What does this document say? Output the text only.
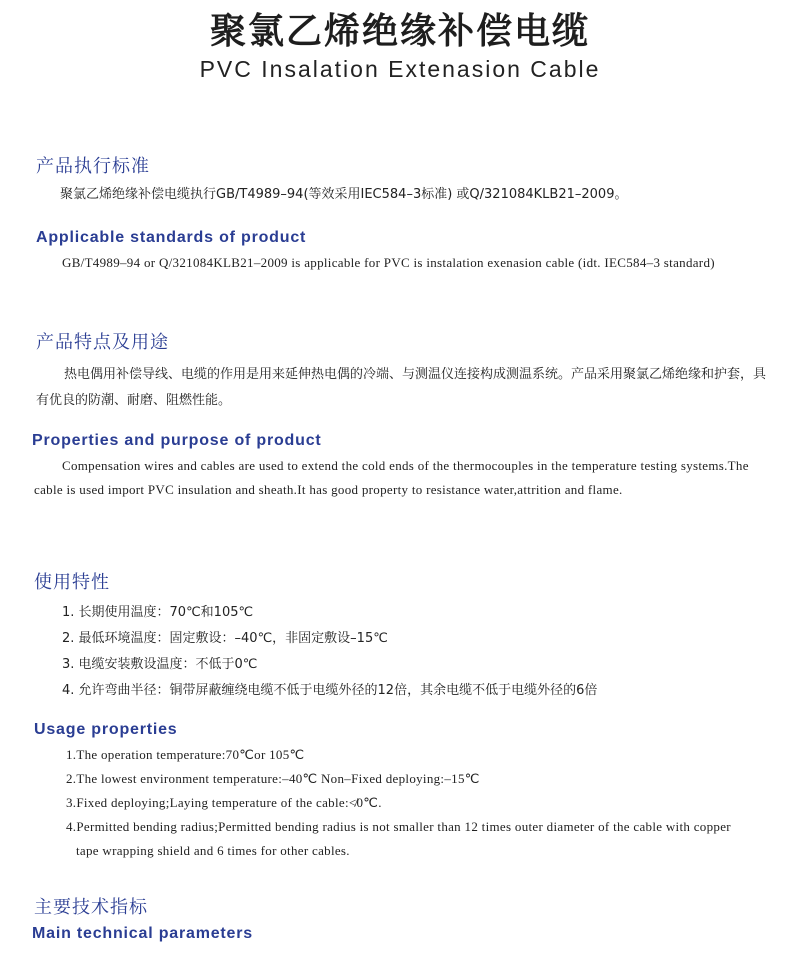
聚氯乙烯绝缘补偿电缆
PVC Insalation Extenasion Cable
产品执行标准

聚氯乙烯绝缘补偿电缆执行GB/T4989–94(等效采用IEC584–3标准) 或Q/321084KLB21–2009。

Applicable standards of product

GB/T4989–94 or Q/321084KLB21–2009 is applicable for PVC is instalation exenasion cable (idt. IEC584–3 standard)

产品特点及用途

热电偶用补偿导线、电缆的作用是用来延伸热电偶的冷端、与测温仪连接构成测温系统。产品采用聚氯乙烯绝缘和护套，具有优良的防潮、耐磨、阻燃性能。

Properties and purpose of product

Compensation wires and cables are used to extend the cold ends of the thermocouples in the temperature testing systems.The cable is used import PVC insulation and sheath.It has good property to resistance water,attrition and flame.

使用特性
1. 长期使用温度：70℃和105℃
2. 最低环境温度：固定敷设：–40℃，非固定敷设–15℃
3. 电缆安装敷设温度：不低于0℃
4. 允许弯曲半径：铜带屏蔽缠绕电缆不低于电缆外径的12倍，其余电缆不低于电缆外径的6倍
Usage properties
1.The operation temperature:70℃or 105℃
2.The lowest environment temperature:–40℃ Non–Fixed deploying:–15℃
3.Fixed deploying;Laying temperature of the cable:≮0℃.
4.Permitted bending radius;Permitted bending radius is not smaller than 12 times outer diameter of the cable with copper tape wrapping shield and 6 times for other cables.
主要技术指标
Main technical parameters
